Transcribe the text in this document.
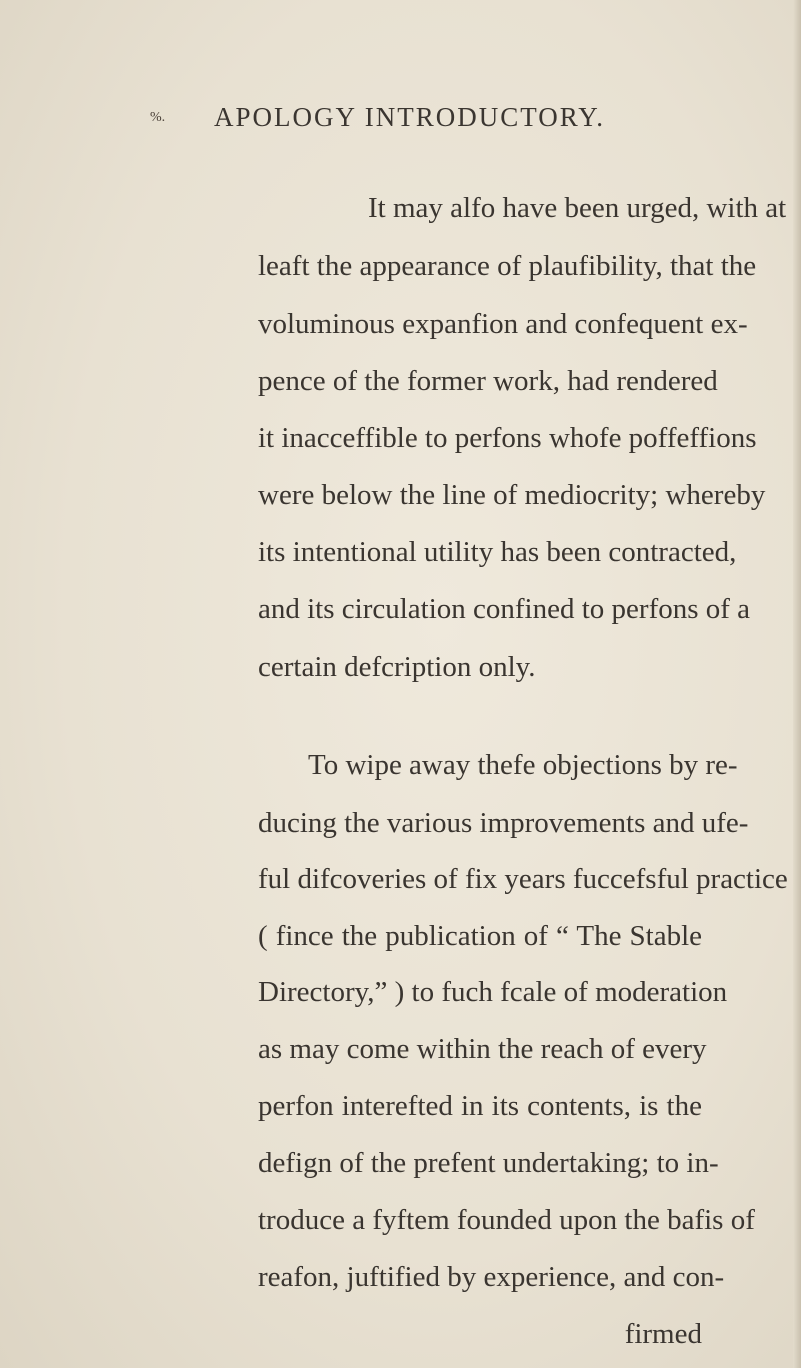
%. APOLOGY INTRODUCTORY.
It may alfo have been urged, with at
leaft the appearance of plaufibility, that the
voluminous expanfion and confequent ex-
pence of the former work, had rendered
it inacceffible to perfons whofe poffeffions
were below the line of mediocrity; whereby
its intentional utility has been contracted,
and its circulation confined to perfons of a
certain defcription only.
To wipe away thefe objections by re-
ducing the various improvements and ufe-
ful difcoveries of fix years fuccefsful practice
( fince the publication of “ The Stable
Directory,” ) to fuch fcale of moderation
as may come within the reach of every
perfon interefted in its contents, is the
defign of the prefent undertaking; to in-
troduce a fyftem founded upon the bafis of
reafon, juftified by experience, and con-
firmed
